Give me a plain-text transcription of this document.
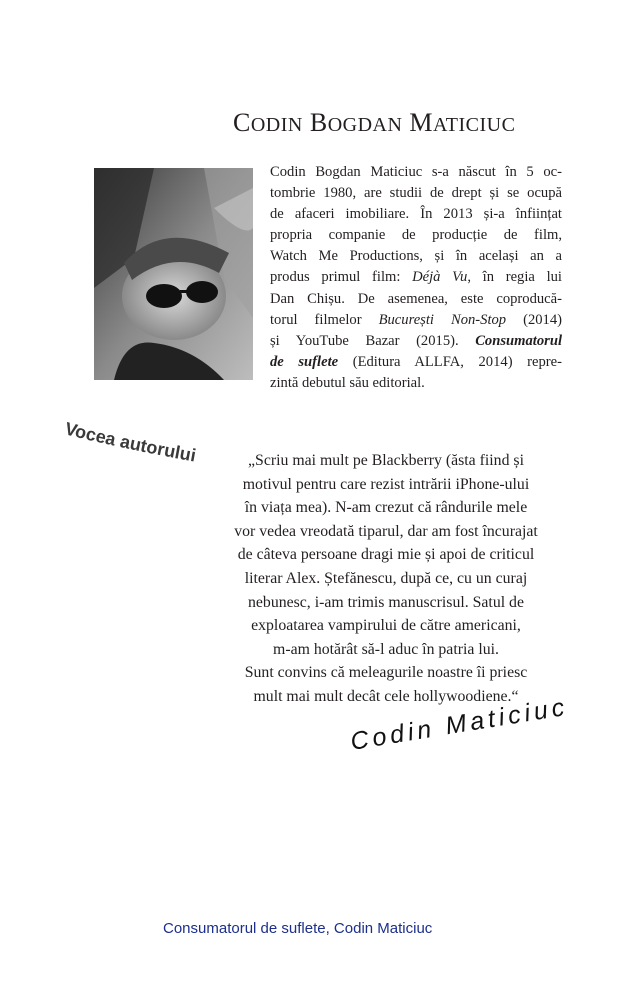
CODIN BOGDAN MATICIUC
Codin Bogdan Maticiuc s-a născut în 5 oc-
tombrie 1980, are studii de drept și se ocupă
de afaceri imobiliare. În 2013 și-a înființat
propria companie de producție de film,
Watch Me Productions, și în același an a
produs primul film: Déjà Vu, în regia lui
Dan Chișu. De asemenea, este coproducă-
torul filmelor București Non-Stop (2014)
și YouTube Bazar (2015). Consumatorul
de suflete (Editura ALLFA, 2014) repre-
zintă debutul său editorial.
Vocea autorului	„Scriu mai mult pe Blackberry (ăsta fiind și
motivul pentru care rezist intrării iPhone-ului
în viața mea). N-am crezut că rândurile mele
vor vedea vreodată tiparul, dar am fost încurajat
de câteva persoane dragi mie și apoi de criticul
literar Alex. Ștefănescu, după ce, cu un curaj
nebunesc, i-am trimis manuscrisul. Satul de
exploatarea vampirului de către americani,
m-am hotărât să-l aduc în patria lui.
Sunt convins că meleagurile noastre îi priesc
mult mai mult decât cele hollywoodiene.“
Codin Maticiuc
Consumatorul de suflete, Codin Maticiuc
